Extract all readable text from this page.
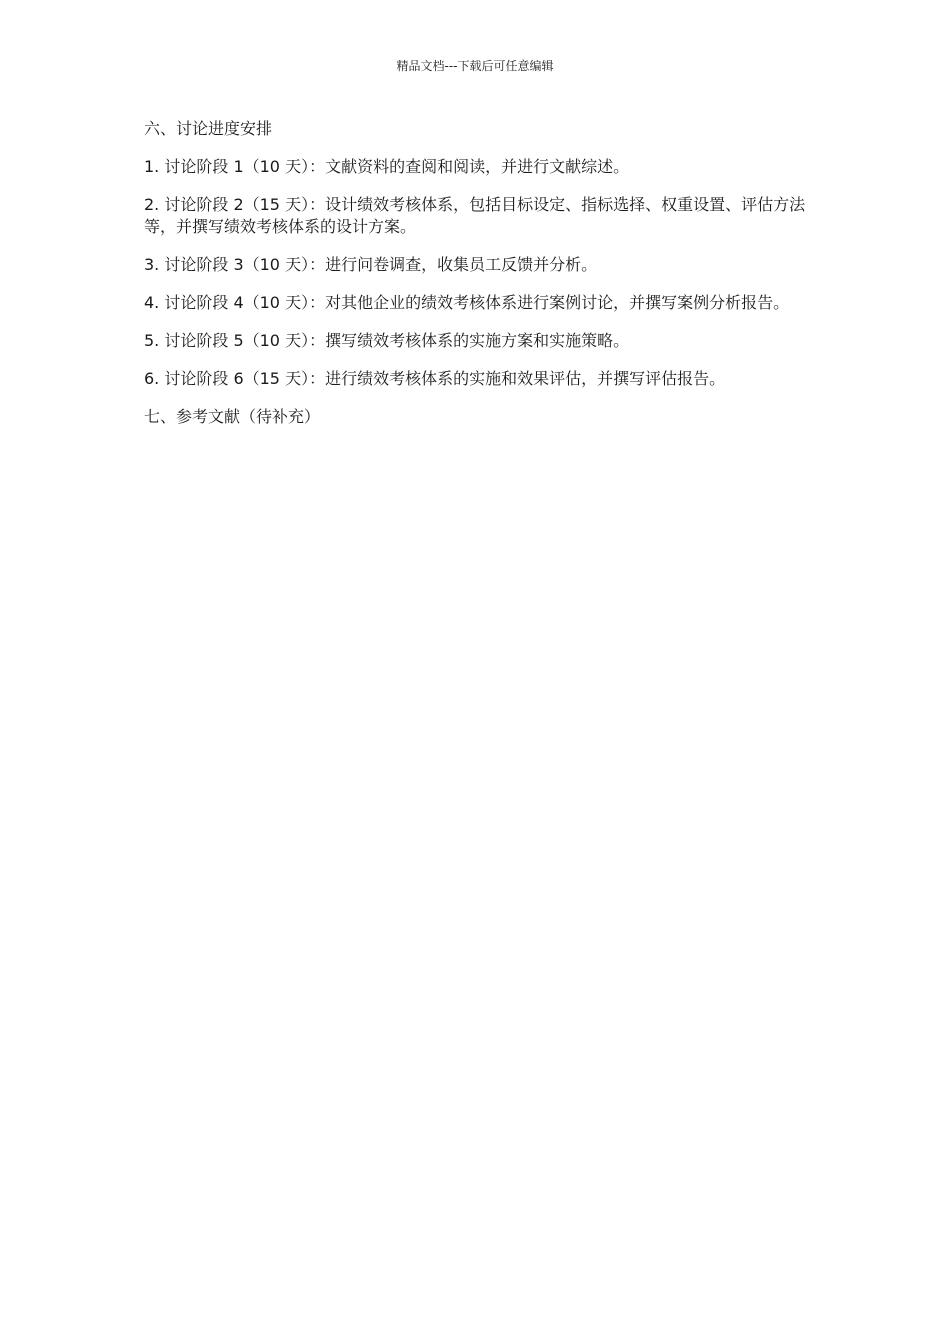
精品文档---下载后可任意编辑

六、讨论进度安排

1. 讨论阶段 1（10 天）：文献资料的查阅和阅读，并进行文献综述。

2. 讨论阶段 2（15 天）：设计绩效考核体系，包括目标设定、指标选择、权重设置、评估方法等，并撰写绩效考核体系的设计方案。

3. 讨论阶段 3（10 天）：进行问卷调查，收集员工反馈并分析。

4. 讨论阶段 4（10 天）：对其他企业的绩效考核体系进行案例讨论，并撰写案例分析报告。

5. 讨论阶段 5（10 天）：撰写绩效考核体系的实施方案和实施策略。

6. 讨论阶段 6（15 天）：进行绩效考核体系的实施和效果评估，并撰写评估报告。

七、参考文献（待补充）
